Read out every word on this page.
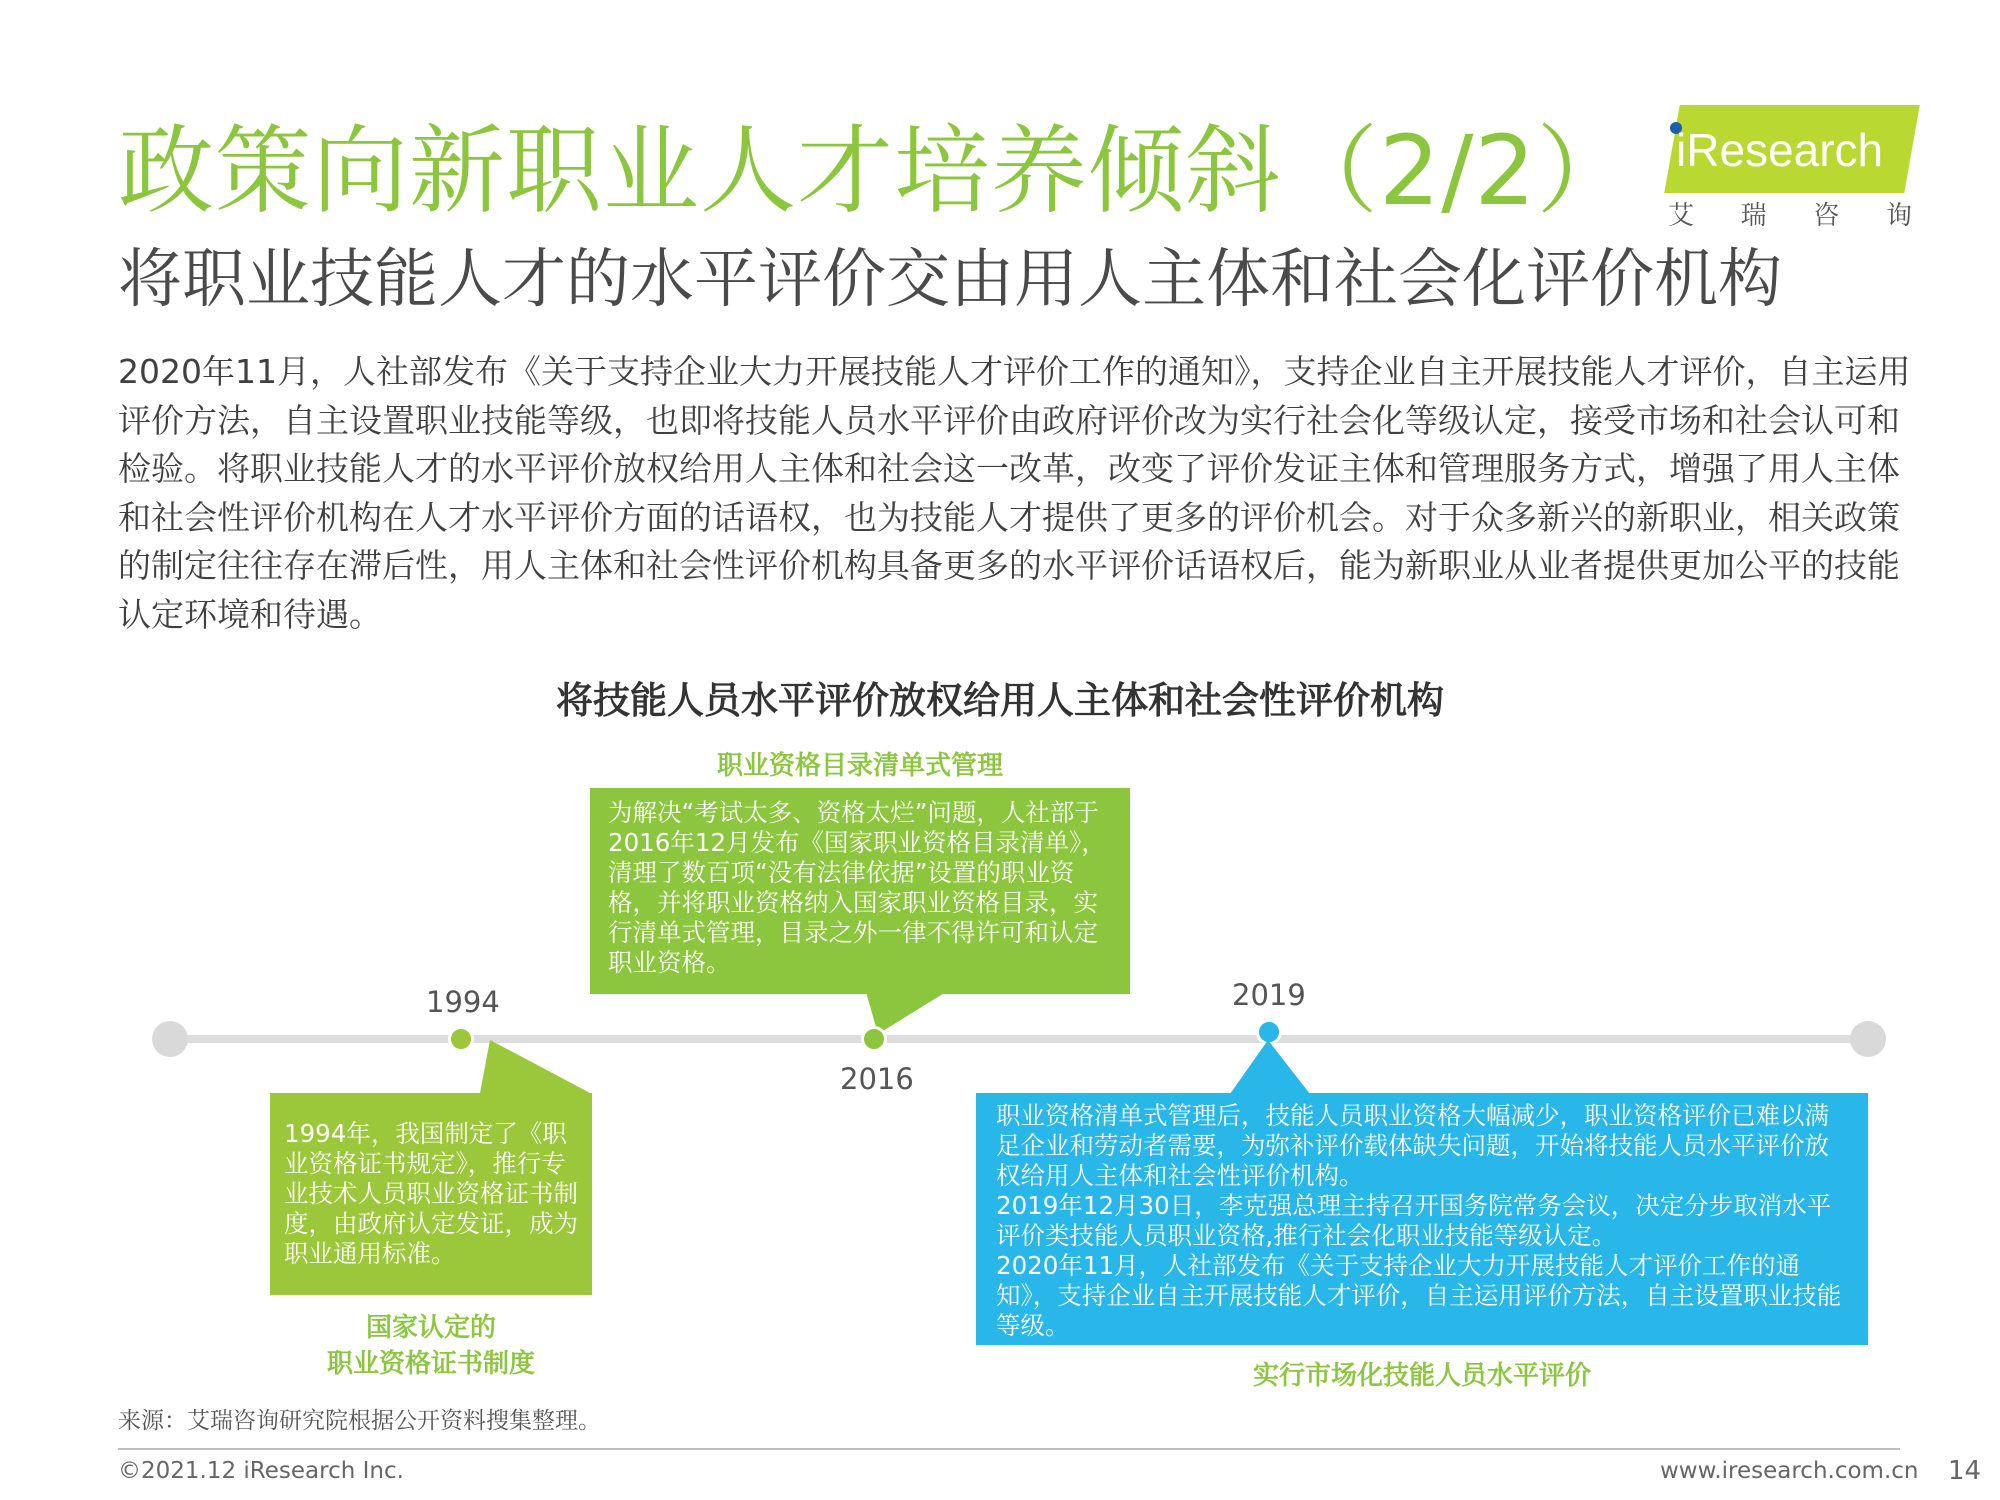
政策向新职业人才培养倾斜（2/2）
将职业技能人才的水平评价交由用人主体和社会化评价机构
iResearch
艾 瑞 咨 询
2020年11月，人社部发布《关于支持企业大力开展技能人才评价工作的通知》，支持企业自主开展技能人才评价，自主运用评价方法，自主设置职业技能等级，也即将技能人员水平评价由政府评价改为实行社会化等级认定，接受市场和社会认可和检验。将职业技能人才的水平评价放权给用人主体和社会这一改革，改变了评价发证主体和管理服务方式，增强了用人主体和社会性评价机构在人才水平评价方面的话语权，也为技能人才提供了更多的评价机会。对于众多新兴的新职业，相关政策的制定往往存在滞后性，用人主体和社会性评价机构具备更多的水平评价话语权后，能为新职业从业者提供更加公平的技能认定环境和待遇。
将技能人员水平评价放权给用人主体和社会性评价机构
1994
1994年，我国制定了《职业资格证书规定》，推行专业技术人员职业资格证书制度，由政府认定发证，成为职业通用标准。
国家认定的
职业资格证书制度
职业资格目录清单式管理
为解决“考试太多、资格太烂”问题，人社部于2016年12月发布《国家职业资格目录清单》，清理了数百项“没有法律依据”设置的职业资格，并将职业资格纳入国家职业资格目录，实行清单式管理，目录之外一律不得许可和认定职业资格。
2016
2019
职业资格清单式管理后，技能人员职业资格大幅减少，职业资格评价已难以满足企业和劳动者需要，为弥补评价载体缺失问题，开始将技能人员水平评价放权给用人主体和社会性评价机构。
2019年12月30日，李克强总理主持召开国务院常务会议，决定分步取消水平评价类技能人员职业资格,推行社会化职业技能等级认定。
2020年11月，人社部发布《关于支持企业大力开展技能人才评价工作的通知》，支持企业自主开展技能人才评价，自主运用评价方法，自主设置职业技能等级。
实行市场化技能人员水平评价
来源：艾瑞咨询研究院根据公开资料搜集整理。
©2021.12 iResearch Inc.	www.iresearch.com.cn 14
